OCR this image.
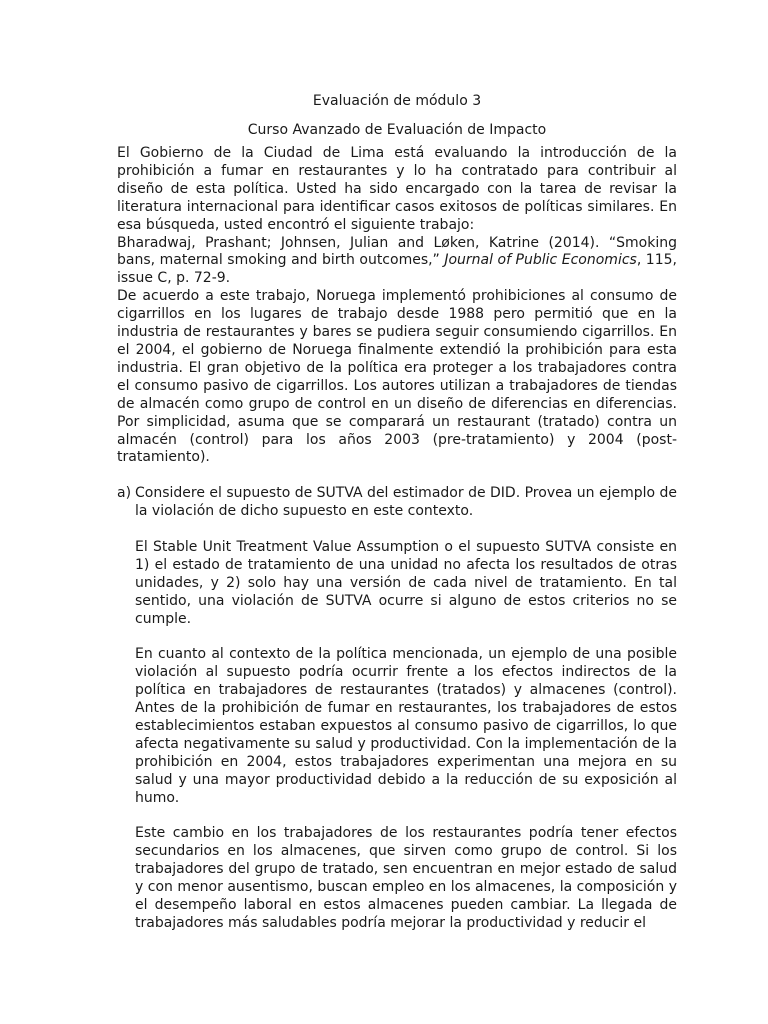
Evaluación de módulo 3

Curso Avanzado de Evaluación de Impacto

El Gobierno de la Ciudad de Lima está evaluando la introducción de la prohibición a fumar en restaurantes y lo ha contratado para contribuir al diseño de esta política. Usted ha sido encargado con la tarea de revisar la literatura internacional para identificar casos exitosos de políticas similares. En esa búsqueda, usted encontró el siguiente trabajo:

Bharadwaj, Prashant; Johnsen, Julian and Løken, Katrine (2014). “Smoking bans, maternal smoking and birth outcomes,” Journal of Public Economics, 115, issue C, p. 72-9.

De acuerdo a este trabajo, Noruega implementó prohibiciones al consumo de cigarrillos en los lugares de trabajo desde 1988 pero permitió que en la industria de restaurantes y bares se pudiera seguir consumiendo cigarrillos. En el 2004, el gobierno de Noruega finalmente extendió la prohibición para esta industria. El gran objetivo de la política era proteger a los trabajadores contra el consumo pasivo de cigarrillos. Los autores utilizan a trabajadores de tiendas de almacén como grupo de control en un diseño de diferencias en diferencias. Por simplicidad, asuma que se comparará un restaurant (tratado) contra un almacén (control) para los años 2003 (pre-tratamiento) y 2004 (post-tratamiento).

a) Considere el supuesto de SUTVA del estimador de DID. Provea un ejemplo de la violación de dicho supuesto en este contexto.

El Stable Unit Treatment Value Assumption o el supuesto SUTVA consiste en 1) el estado de tratamiento de una unidad no afecta los resultados de otras unidades, y 2) solo hay una versión de cada nivel de tratamiento. En tal sentido, una violación de SUTVA ocurre si alguno de estos criterios no se cumple.

En cuanto al contexto de la política mencionada, un ejemplo de una posible violación al supuesto podría ocurrir frente a los efectos indirectos de la política en trabajadores de restaurantes (tratados) y almacenes (control). Antes de la prohibición de fumar en restaurantes, los trabajadores de estos establecimientos estaban expuestos al consumo pasivo de cigarrillos, lo que afecta negativamente su salud y productividad. Con la implementación de la prohibición en 2004, estos trabajadores experimentan una mejora en su salud y una mayor productividad debido a la reducción de su exposición al humo.

Este cambio en los trabajadores de los restaurantes podría tener efectos secundarios en los almacenes, que sirven como grupo de control. Si los trabajadores del grupo de tratado, sen encuentran en mejor estado de salud y con menor ausentismo, buscan empleo en los almacenes, la composición y el desempeño laboral en estos almacenes pueden cambiar. La llegada de trabajadores más saludables podría mejorar la productividad y reducir el
